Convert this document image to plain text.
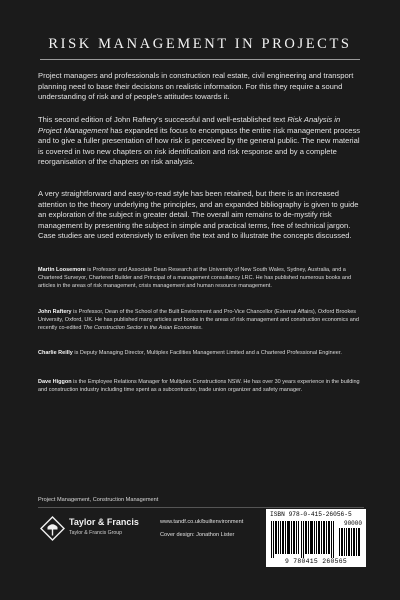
RISK MANAGEMENT IN PROJECTS

Project managers and professionals in construction real estate, civil engineering and transport planning need to base their decisions on realistic information. For this they require a sound understanding of risk and of people’s attitudes towards it.

This second edition of John Raftery’s successful and well-established text Risk Analysis in Project Management has expanded its focus to encompass the entire risk management process and to give a fuller presentation of how risk is perceived by the general public. The new material is covered in two new chapters on risk identification and risk response and by a complete reorganisation of the chapters on risk analysis.

A very straightforward and easy-to-read style has been retained, but there is an increased attention to the theory underlying the principles, and an expanded bibliography is given to guide an exploration of the subject in greater detail. The overall aim remains to de-mystify risk management by presenting the subject in simple and practical terms, free of technical jargon. Case studies are used extensively to enliven the text and to illustrate the concepts discussed.

Martin Loosemore is Professor and Associate Dean Research at the University of New South Wales, Sydney, Australia, and a Chartered Surveyor, Chartered Builder and Principal of a management consultancy LRC. He has published numerous books and articles in the areas of risk management, crisis management and human resource management.

John Raftery is Professor, Dean of the School of the Built Environment and Pro-Vice Chancellor (External Affairs), Oxford Brookes University, Oxford, UK. He has published many articles and books in the areas of risk management and construction economics and recently co-edited The Construction Sector in the Asian Economies.

Charlie Reilly is Deputy Managing Director, Multiplex Facilities Management Limited and a Chartered Professional Engineer.

Dave Higgon is the Employee Relations Manager for Multiplex Constructions NSW. He has over 30 years experience in the building and construction industry including time spent as a subcontractor, trade union organizer and safety manager.

Project Management, Construction Management
Taylor & Francis
Taylor & Francis Group
www.tandf.co.uk/builtenvironment
Cover design: Jonathon Lister
ISBN 978-0-415-26056-5
90000
9 780415 260565
